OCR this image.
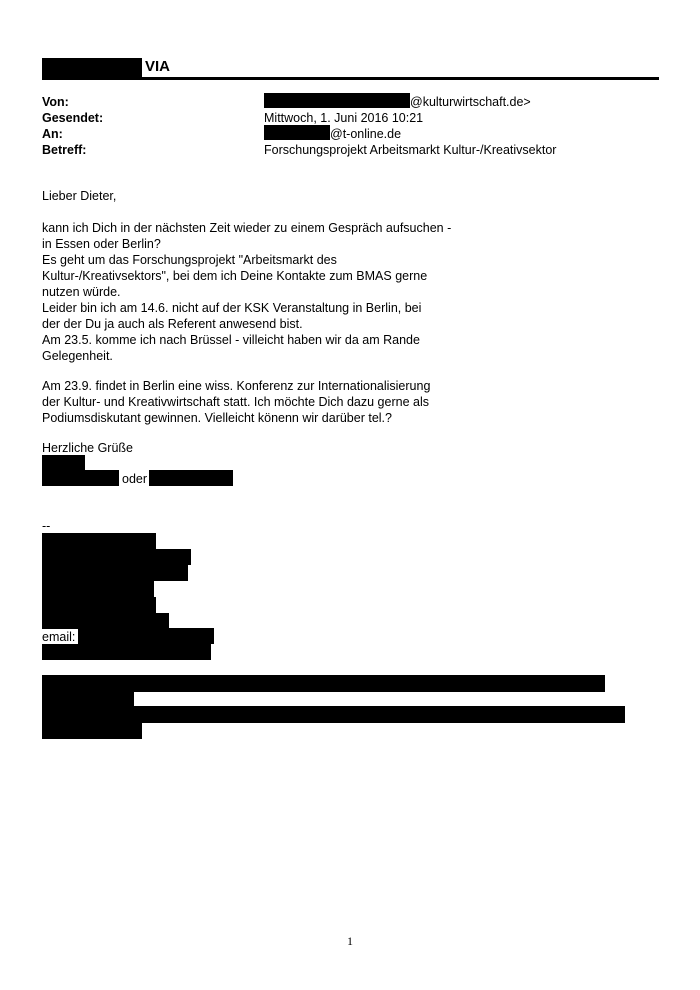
VIA
Von:	@kulturwirtschaft.de>
Gesendet:	Mittwoch, 1. Juni 2016 10:21
An:	@t-online.de
Betreff:	Forschungsprojekt Arbeitsmarkt Kultur-/Kreativsektor
Lieber Dieter,
kann ich Dich in der nächsten Zeit wieder zu einem Gespräch aufsuchen -
in Essen oder Berlin?
Es geht um das Forschungsprojekt "Arbeitsmarkt des
Kultur-/Kreativsektors", bei dem ich Deine Kontakte zum BMAS gerne
nutzen würde.
Leider bin ich am 14.6. nicht auf der KSK Veranstaltung in Berlin, bei
der der Du ja auch als Referent anwesend bist.
Am 23.5. komme ich nach Brüssel - villeicht haben wir da am Rande
Gelegenheit.
Am 23.9. findet in Berlin eine wiss. Konferenz zur Internationalisierung
der Kultur- und Kreativwirtschaft statt. Ich möchte Dich dazu gerne als
Podiumsdiskutant gewinnen. Vielleicht könenn wir darüber tel.?
Herzliche Grüße
oder
--
email:
1
